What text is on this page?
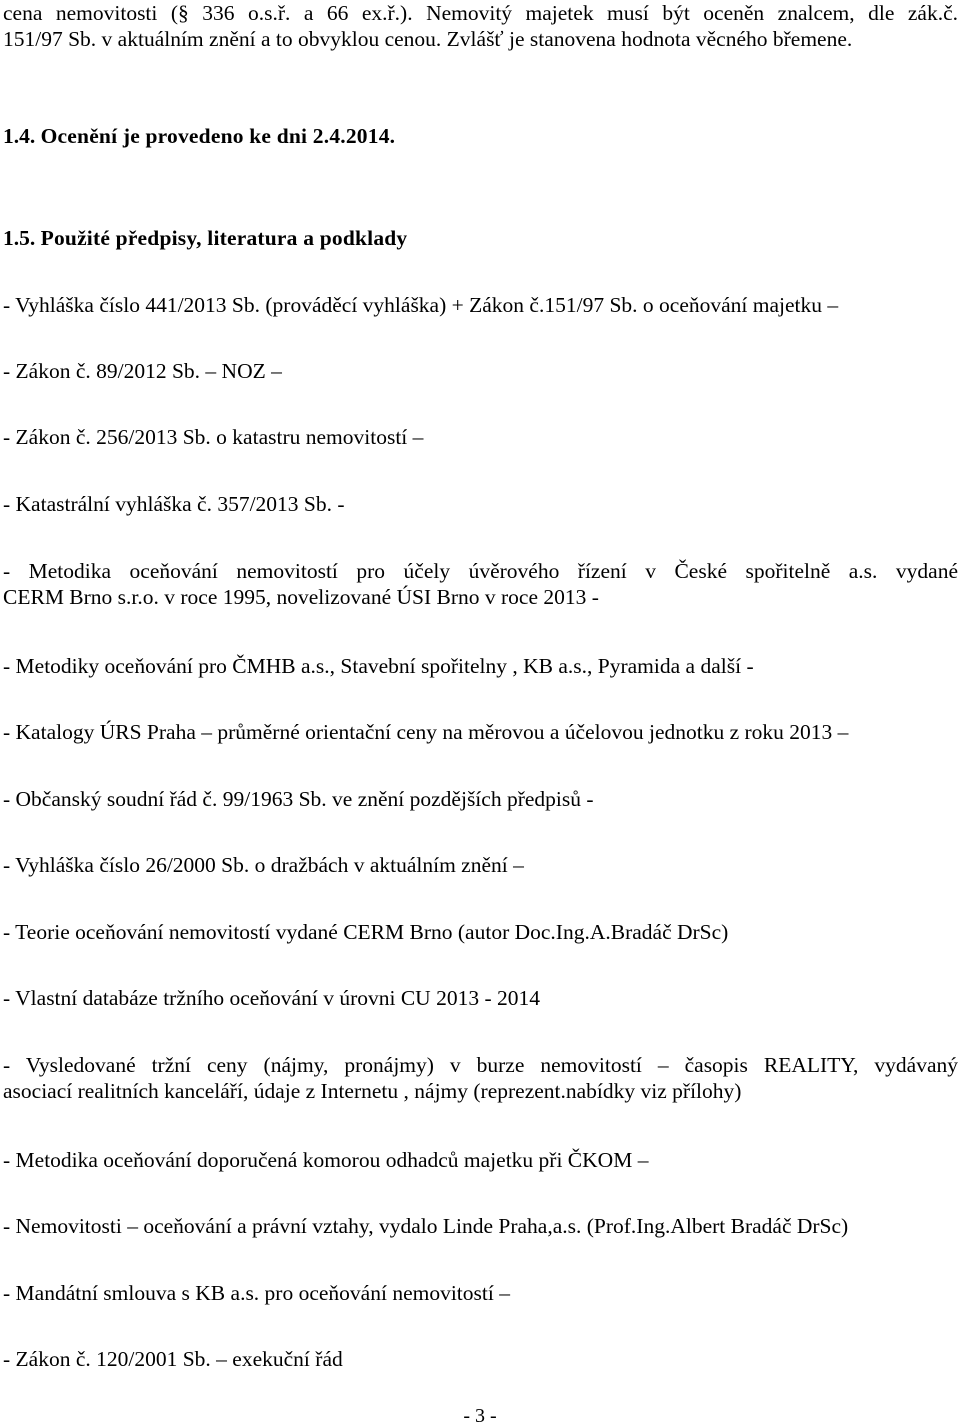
cena nemovitosti (§ 336 o.s.ř. a 66 ex.ř.). Nemovitý majetek musí být oceněn znalcem, dle zák.č.
151/97 Sb. v aktuálním znění a to obvyklou cenou. Zvlášť je stanovena hodnota věcného břemene.
1.4. Ocenění je provedeno ke dni 2.4.2014.
1.5. Použité předpisy, literatura a podklady
- Vyhláška číslo 441/2013 Sb. (prováděcí vyhláška) + Zákon č.151/97 Sb. o oceňování majetku –
- Zákon č. 89/2012 Sb. – NOZ –
- Zákon č. 256/2013 Sb. o katastru nemovitostí –
- Katastrální vyhláška č. 357/2013 Sb. -
- Metodika oceňování nemovitostí pro účely úvěrového řízení v České spořitelně a.s. vydané
CERM Brno s.r.o. v roce 1995, novelizované ÚSI Brno v roce 2013 -
- Metodiky oceňování pro ČMHB a.s., Stavební spořitelny , KB a.s., Pyramida a další -
- Katalogy ÚRS Praha – průměrné orientační ceny na měrovou a účelovou jednotku z roku 2013 –
- Občanský soudní řád č. 99/1963 Sb. ve znění pozdějších předpisů -
- Vyhláška číslo 26/2000 Sb. o dražbách v aktuálním znění –
- Teorie oceňování nemovitostí vydané CERM Brno (autor Doc.Ing.A.Bradáč DrSc)
- Vlastní databáze tržního oceňování v úrovni CU 2013 - 2014
- Vysledované tržní ceny (nájmy, pronájmy) v burze nemovitostí – časopis REALITY, vydávaný
asociací realitních kanceláří, údaje z Internetu , nájmy (reprezent.nabídky viz přílohy)
- Metodika oceňování doporučená komorou odhadců majetku při ČKOM –
- Nemovitosti – oceňování a právní vztahy, vydalo Linde Praha,a.s. (Prof.Ing.Albert Bradáč DrSc)
- Mandátní smlouva s KB a.s. pro oceňování nemovitostí –
- Zákon č. 120/2001 Sb. – exekuční řád
- 3 -
